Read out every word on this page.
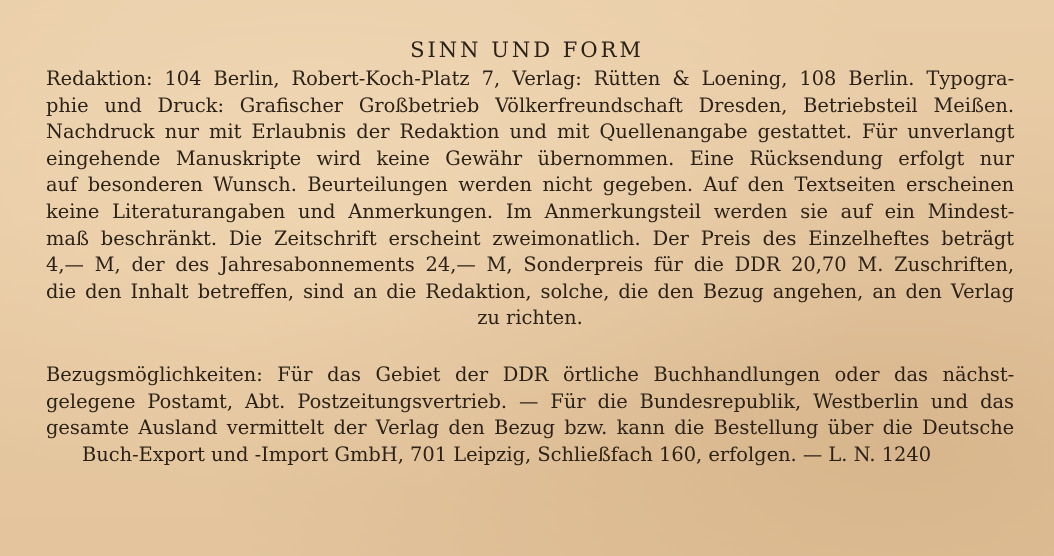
SINN UND FORM
Redaktion: 104 Berlin, Robert-Koch-Platz 7, Verlag: Rütten & Loening, 108 Berlin. Typogra-
phie und Druck: Grafischer Großbetrieb Völkerfreundschaft Dresden, Betriebsteil Meißen.
Nachdruck nur mit Erlaubnis der Redaktion und mit Quellenangabe gestattet. Für unverlangt
eingehende Manuskripte wird keine Gewähr übernommen. Eine Rücksendung erfolgt nur
auf besonderen Wunsch. Beurteilungen werden nicht gegeben. Auf den Textseiten erscheinen
keine Literaturangaben und Anmerkungen. Im Anmerkungsteil werden sie auf ein Mindest-
maß beschränkt. Die Zeitschrift erscheint zweimonatlich. Der Preis des Einzelheftes beträgt
4,— M, der des Jahresabonnements 24,— M, Sonderpreis für die DDR 20,70 M. Zuschriften,
die den Inhalt betreffen, sind an die Redaktion, solche, die den Bezug angehen, an den Verlag
zu richten.
Bezugsmöglichkeiten: Für das Gebiet der DDR örtliche Buchhandlungen oder das nächst-
gelegene Postamt, Abt. Postzeitungsvertrieb. — Für die Bundesrepublik, Westberlin und das
gesamte Ausland vermittelt der Verlag den Bezug bzw. kann die Bestellung über die Deutsche
Buch-Export und -Import GmbH, 701 Leipzig, Schließfach 160, erfolgen. — L. N. 1240
